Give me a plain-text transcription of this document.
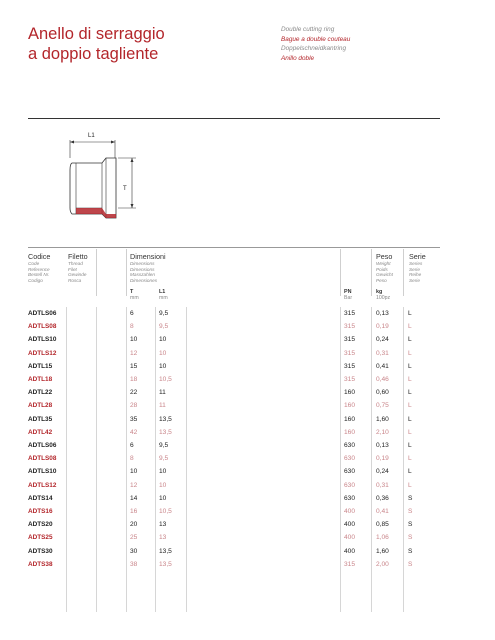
Anello di serraggio
a doppio tagliente
Double cutting ring
Bague a double couteau
Doppelschneidkantring
Anillo doble
L1
T
Codice
Code
Reference
Bestell Nr.
Codigo
Filetto
Thread
Filet
Gewinde
Rosca
Dimensioni
Dimensions
Dimensions
Masszahlen
Dimensiones
Peso
Weight
Poids
Gewicht
Peso
Serie
Series
Serie
Reihe
Serie
T
mm
L1
mm
PN
Bar
kg
100pz
ADTLS06	6	9,5	315	0,13	L
ADTLS08	8	9,5	315	0,19	L
ADTLS10	10	10	315	0,24	L
ADTLS12	12	10	315	0,31	L
ADTL15	15	10	315	0,41	L
ADTL18	18	10,5	315	0,46	L
ADTL22	22	11	160	0,60	L
ADTL28	28	11	160	0,75	L
ADTL35	35	13,5	160	1,60	L
ADTL42	42	13,5	160	2,10	L
ADTLS06	6	9,5	630	0,13	L
ADTLS08	8	9,5	630	0,19	L
ADTLS10	10	10	630	0,24	L
ADTLS12	12	10	630	0,31	L
ADTS14	14	10	630	0,36	S
ADTS16	16	10,5	400	0,41	S
ADTS20	20	13	400	0,85	S
ADTS25	25	13	400	1,06	S
ADTS30	30	13,5	400	1,60	S
ADTS38	38	13,5	315	2,00	S
